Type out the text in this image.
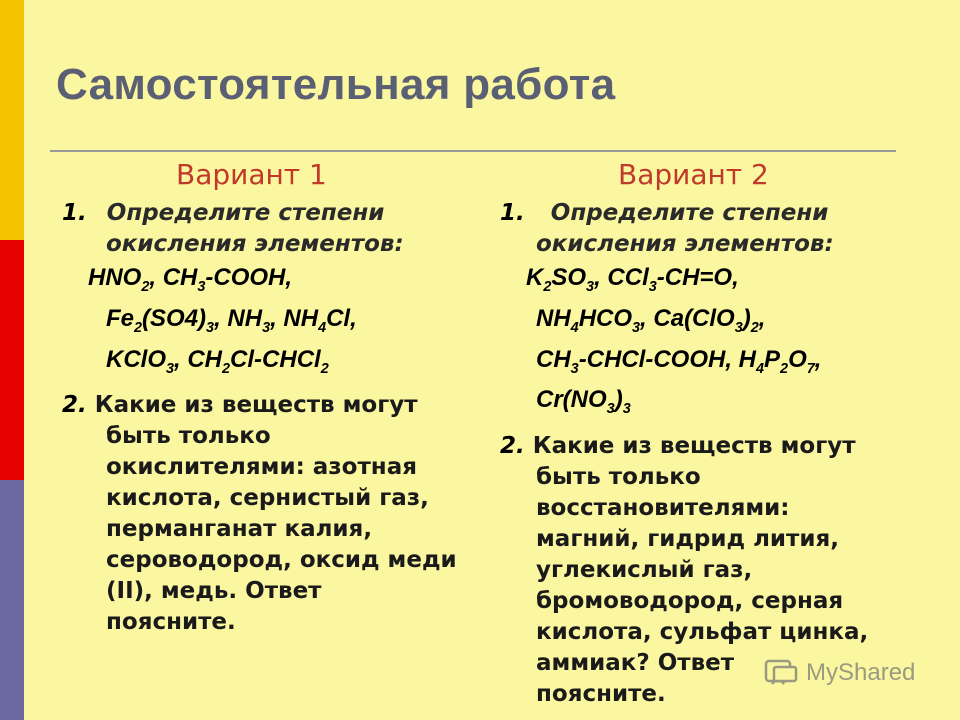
Самостоятельная работа
Вариант 1	Вариант 2

1. Определите степени

окисления элементов:

$HNO_2$, $CH_3$-COOH,

$Fe_2(SO4)_3$, $NH_3$, $NH_4Cl$,

KClO$_3$, $CH_2Cl-CHCl_2$

2. Какие из веществ могут

быть только

окислителями: азотная

кислота, сернистый газ,

перманганат калия,

сероводород, оксид меди

(II), медь. Ответ

поясните.

1. Определите степени

окисления элементов:

$K_2SO_3$, CCl$_3$-CH=O,

$NH_4HCO_3$, $Ca(ClO_3)_2$,

$CH_3-CHCl$-COOH, $H_4P_2O_7$,

$Cr(NO_3)_3$

2. Какие из веществ могут

быть только

восстановителями:

магний, гидрид лития,

углекислый газ,

бромоводород, серная

кислота, сульфат цинка,

аммиак? Ответ

поясните.

MyShared
